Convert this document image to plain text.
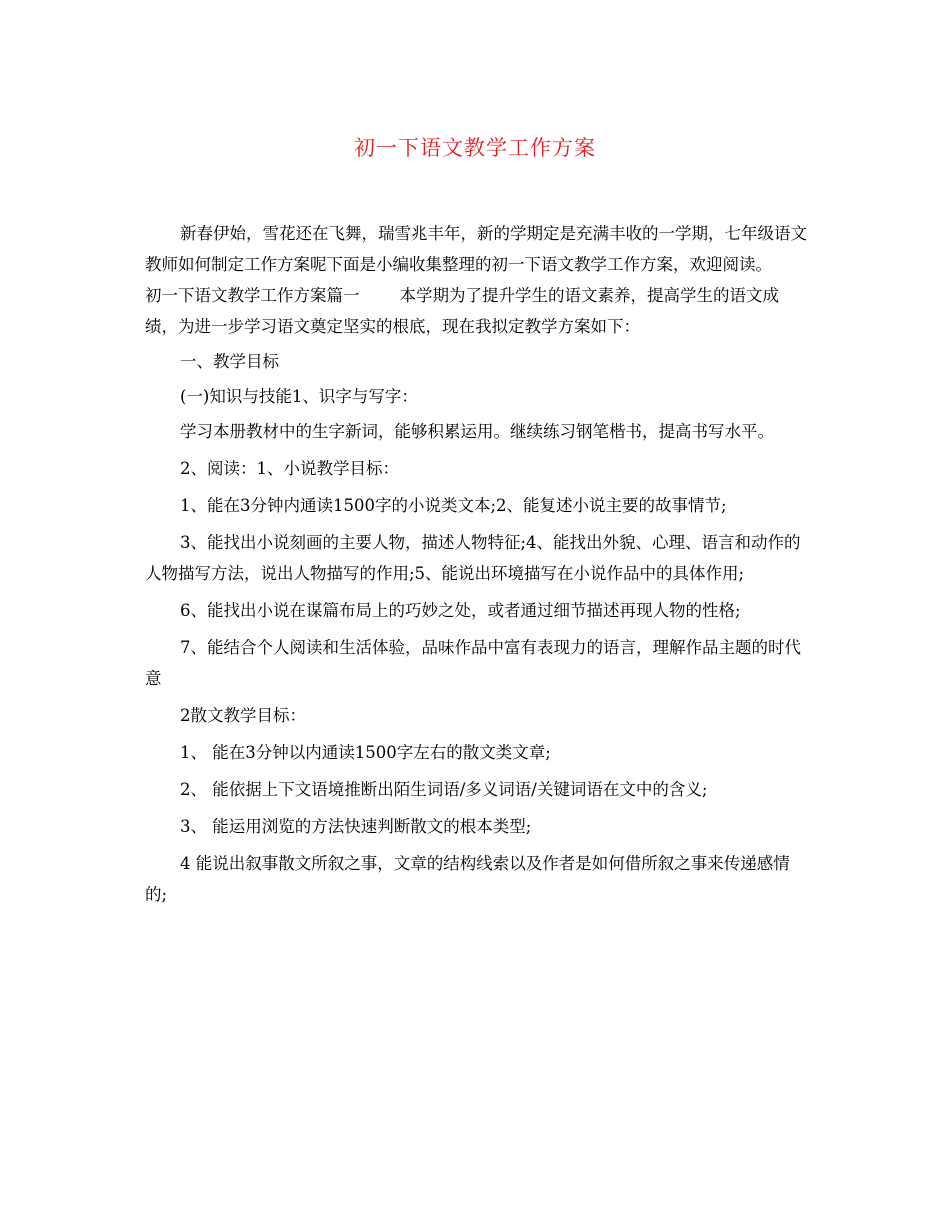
初一下语文教学工作方案

新春伊始，雪花还在飞舞，瑞雪兆丰年，新的学期定是充满丰收的一学期，七年级语文教师如何制定工作方案呢下面是小编收集整理的初一下语文教学工作方案，欢迎阅读。

初一下语文教学工作方案篇一 本学期为了提升学生的语文素养，提高学生的语文成绩，为进一步学习语文奠定坚实的根底，现在我拟定教学方案如下：

一、教学目标

(一)知识与技能1、识字与写字：

学习本册教材中的生字新词，能够积累运用。继续练习钢笔楷书，提高书写水平。

2、阅读：1、小说教学目标：

1、能在3分钟内通读1500字的小说类文本;2、能复述小说主要的故事情节;

3、能找出小说刻画的主要人物，描述人物特征;4、能找出外貌、心理、语言和动作的人物描写方法，说出人物描写的作用;5、能说出环境描写在小说作品中的具体作用;

6、能找出小说在谋篇布局上的巧妙之处，或者通过细节描述再现人物的性格;

7、能结合个人阅读和生活体验，品味作品中富有表现力的语言，理解作品主题的时代意

2散文教学目标：

1、 能在3分钟以内通读1500字左右的散文类文章;

2、 能依据上下文语境推断出陌生词语/多义词语/关键词语在文中的含义;

3、 能运用浏览的方法快速判断散文的根本类型;

4 能说出叙事散文所叙之事，文章的结构线索以及作者是如何借所叙之事来传递感情的;
